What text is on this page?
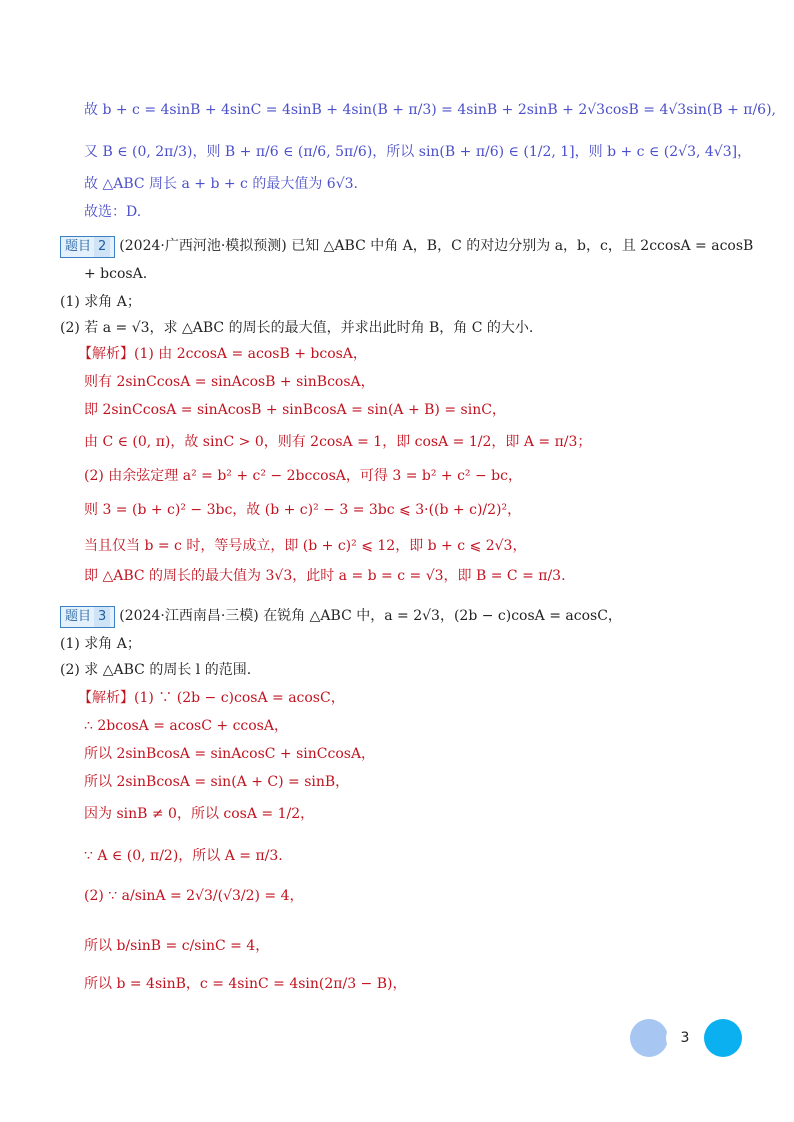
故 b + c = 4sinB + 4sinC = 4sinB + 4sin(B + π/3) = 4sinB + 2sinB + 2√3cosB = 4√3sin(B + π/6),
又 B ∈ (0, 2π/3)，则 B + π/6 ∈ (π/6, 5π/6)，所以 sin(B + π/6) ∈ (1/2, 1]，则 b + c ∈ (2√3, 4√3]，
故 △ABC 周长 a + b + c 的最大值为 6√3.
故选：D.
题目 2 (2024·广西河池·模拟预测) 已知 △ABC 中角 A，B，C 的对边分别为 a，b，c，且 2ccosA = acosB
+ bcosA.
(1) 求角 A；
(2) 若 a = √3，求 △ABC 的周长的最大值，并求出此时角 B，角 C 的大小.
【解析】(1) 由 2ccosA = acosB + bcosA，
则有 2sinCcosA = sinAcosB + sinBcosA，
即 2sinCcosA = sinAcosB + sinBcosA = sin(A + B) = sinC，
由 C ∈ (0, π)，故 sinC > 0，则有 2cosA = 1，即 cosA = 1/2，即 A = π/3；
(2) 由余弦定理 a² = b² + c² − 2bccosA，可得 3 = b² + c² − bc，
则 3 = (b + c)² − 3bc，故 (b + c)² − 3 = 3bc ⩽ 3·((b + c)/2)²，
当且仅当 b = c 时，等号成立，即 (b + c)² ⩽ 12，即 b + c ⩽ 2√3，
即 △ABC 的周长的最大值为 3√3，此时 a = b = c = √3，即 B = C = π/3.
题目 3 (2024·江西南昌·三模) 在锐角 △ABC 中，a = 2√3，(2b − c)cosA = acosC，
(1) 求角 A；
(2) 求 △ABC 的周长 l 的范围.
【解析】(1) ∵ (2b − c)cosA = acosC，
∴ 2bcosA = acosC + ccosA，
所以 2sinBcosA = sinAcosC + sinCcosA，
所以 2sinBcosA = sin(A + C) = sinB，
因为 sinB ≠ 0，所以 cosA = 1/2，
∵ A ∈ (0, π/2)，所以 A = π/3.
(2) ∵ a/sinA = 2√3/(√3/2) = 4，
所以 b/sinB = c/sinC = 4，
所以 b = 4sinB，c = 4sinC = 4sin(2π/3 − B)，
3
